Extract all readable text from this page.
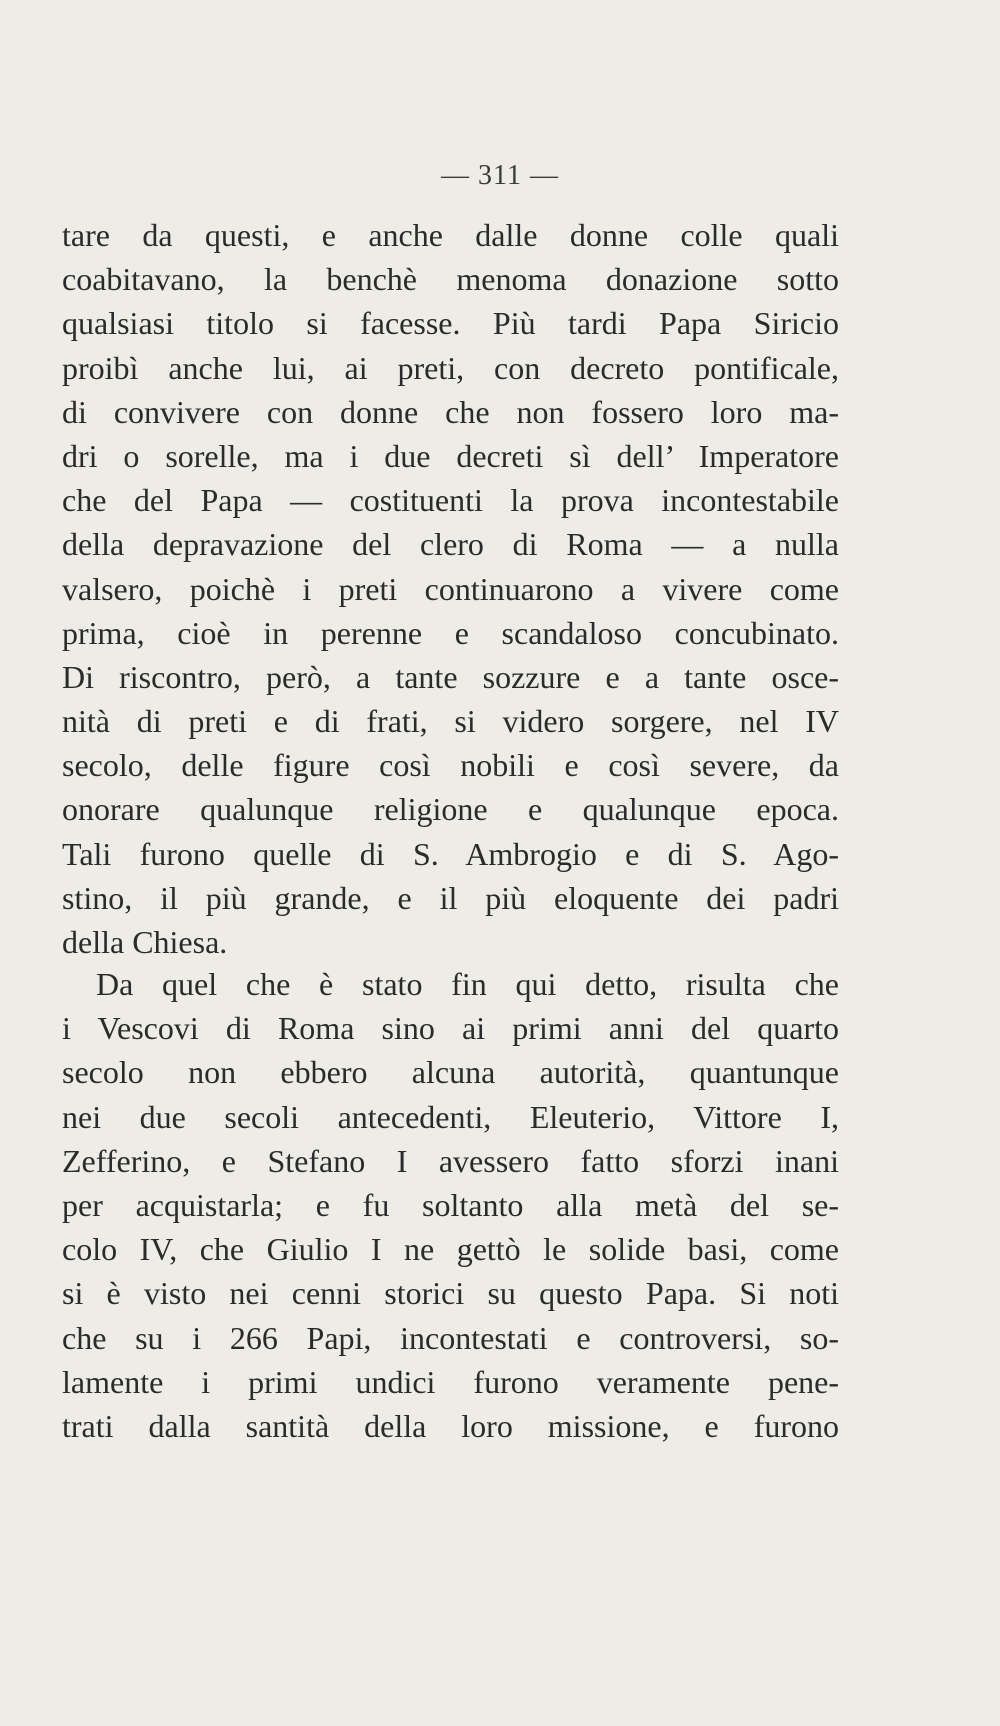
— 311 —
tare da questi, e anche dalle donne colle quali
coabitavano, la benchè menoma donazione sotto
qualsiasi titolo si facesse. Più tardi Papa Siricio
proibì anche lui, ai preti, con decreto pontificale,
di convivere con donne che non fossero loro ma-
dri o sorelle, ma i due decreti sì dell’ Imperatore
che del Papa — costituenti la prova incontestabile
della depravazione del clero di Roma — a nulla
valsero, poichè i preti continuarono a vivere come
prima, cioè in perenne e scandaloso concubinato.
Di riscontro, però, a tante sozzure e a tante osce-
nità di preti e di frati, si videro sorgere, nel IV
secolo, delle figure così nobili e così severe, da
onorare qualunque religione e qualunque epoca.
Tali furono quelle di S. Ambrogio e di S. Ago-
stino, il più grande, e il più eloquente dei padri
della Chiesa.
Da quel che è stato fin qui detto, risulta che
i Vescovi di Roma sino ai primi anni del quarto
secolo non ebbero alcuna autorità, quantunque
nei due secoli antecedenti, Eleuterio, Vittore I,
Zefferino, e Stefano I avessero fatto sforzi inani
per acquistarla; e fu soltanto alla metà del se-
colo IV, che Giulio I ne gettò le solide basi, come
si è visto nei cenni storici su questo Papa. Si noti
che su i 266 Papi, incontestati e controversi, so-
lamente i primi undici furono veramente pene-
trati dalla santità della loro missione, e furono
